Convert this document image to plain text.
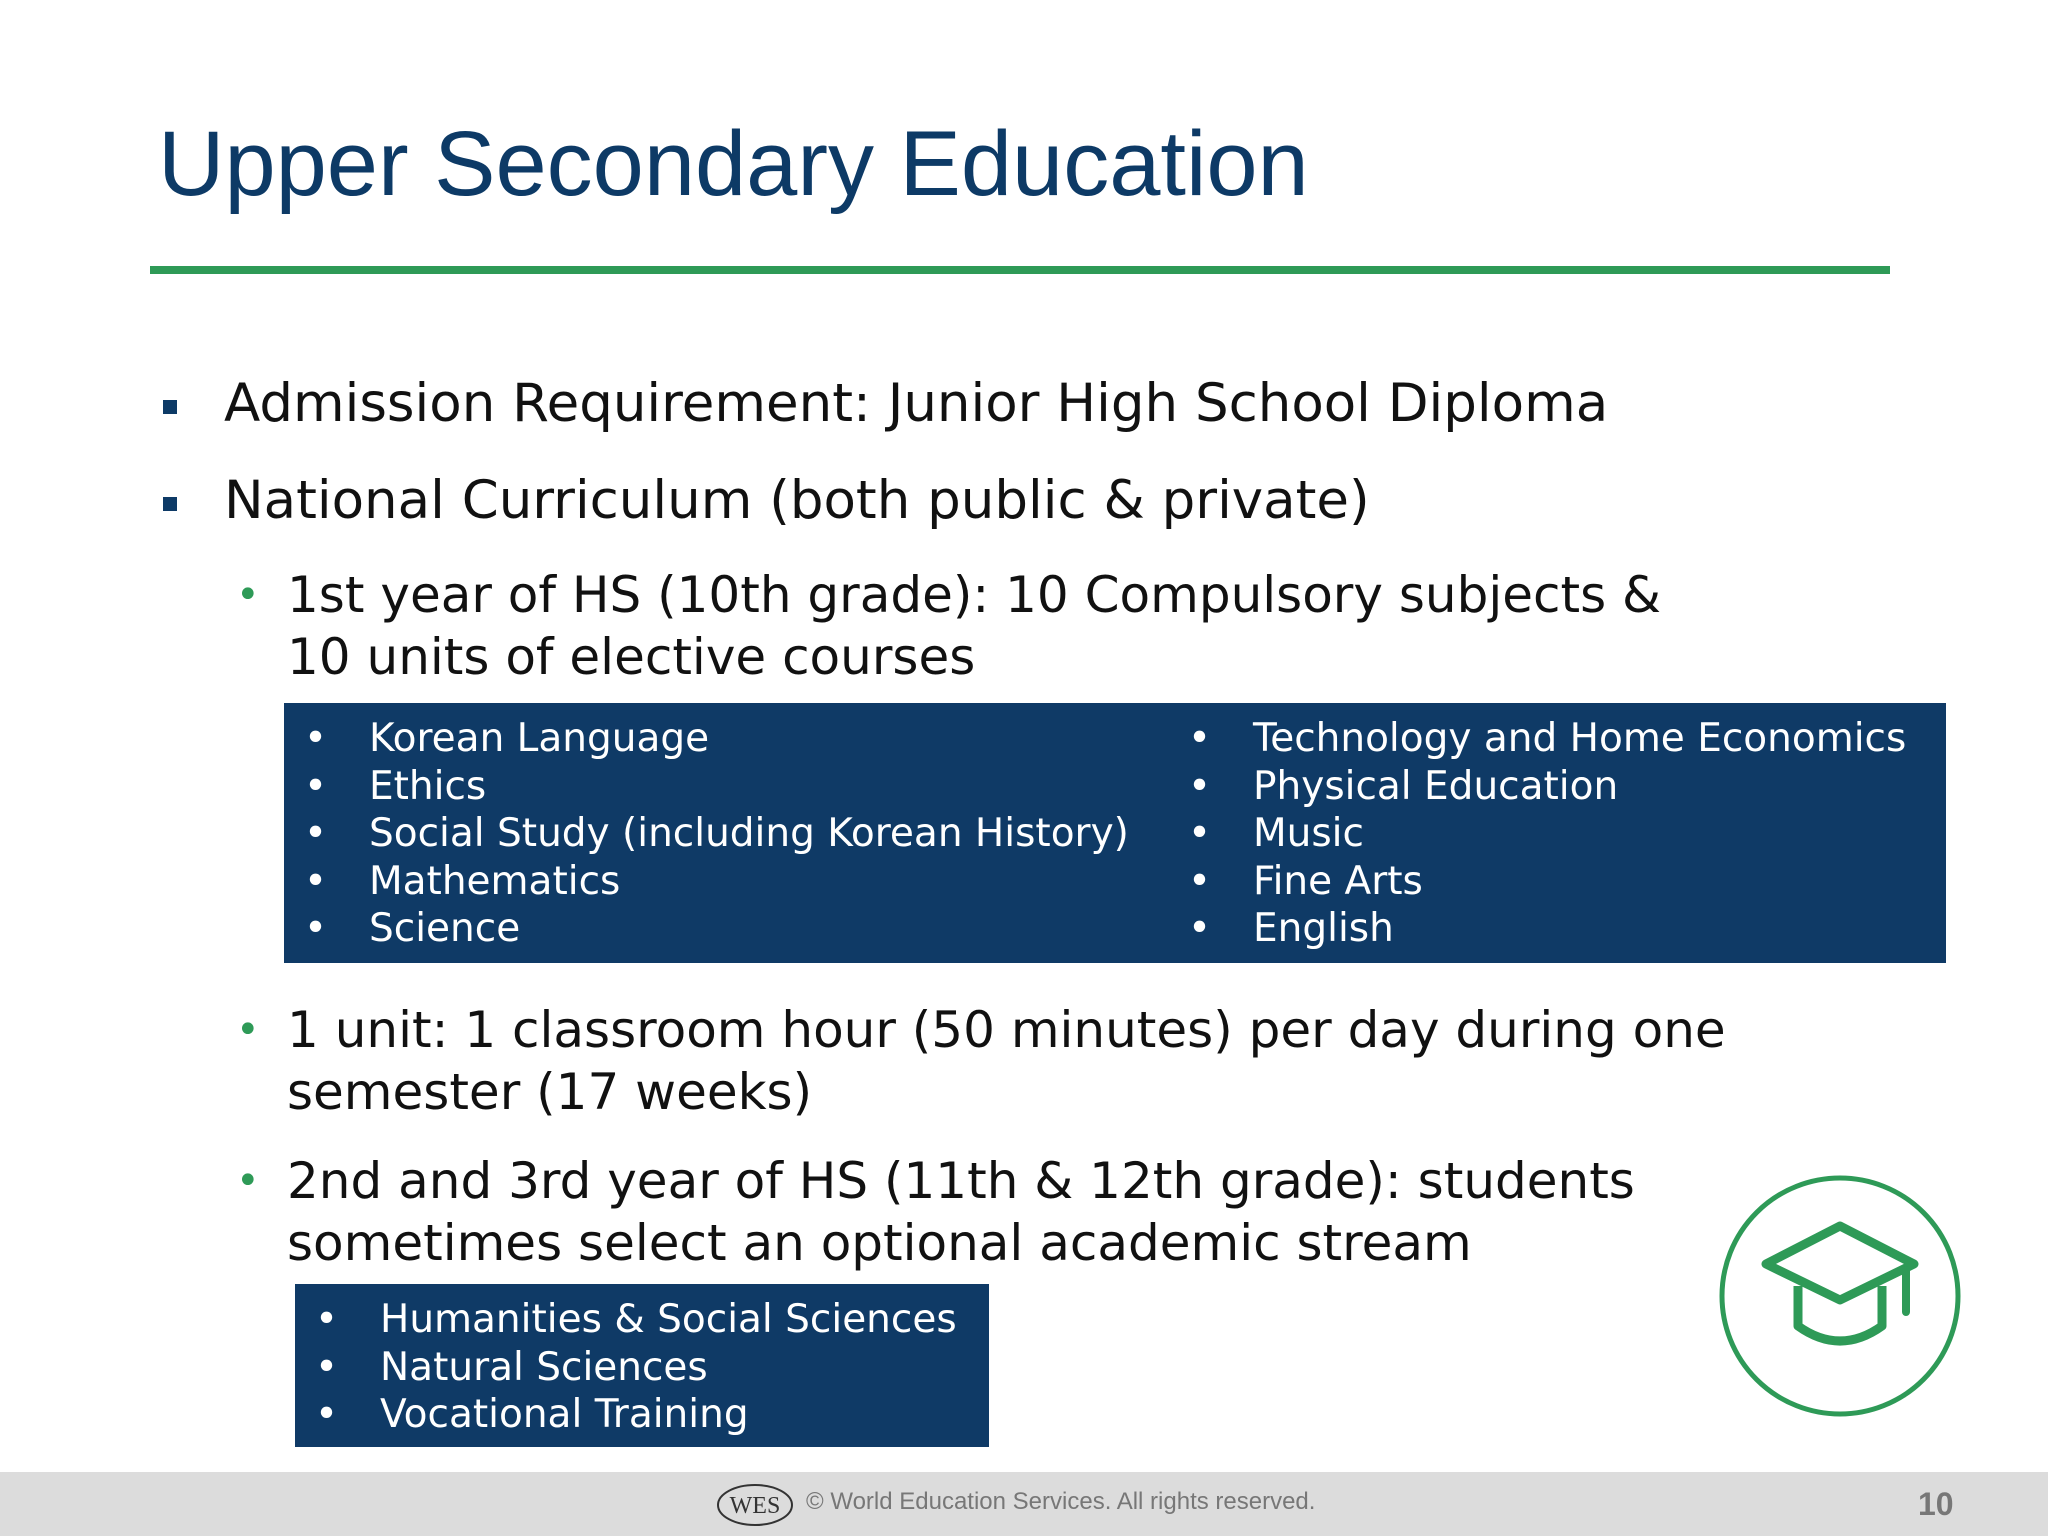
Upper Secondary Education
Admission Requirement: Junior High School Diploma
National Curriculum (both public & private)
• 1st year of HS (10th grade): 10 Compulsory subjects &
10 units of elective courses
• Korean Language
• Ethics
• Social Study (including Korean History)
• Mathematics
• Science
• Technology and Home Economics
• Physical Education
• Music
• Fine Arts
• English
• 1 unit: 1 classroom hour (50 minutes) per day during one
semester (17 weeks)
• 2nd and 3rd year of HS (11th & 12th grade): students
sometimes select an optional academic stream
• Humanities & Social Sciences
• Natural Sciences
• Vocational Training
WES © World Education Services. All rights reserved.	10
